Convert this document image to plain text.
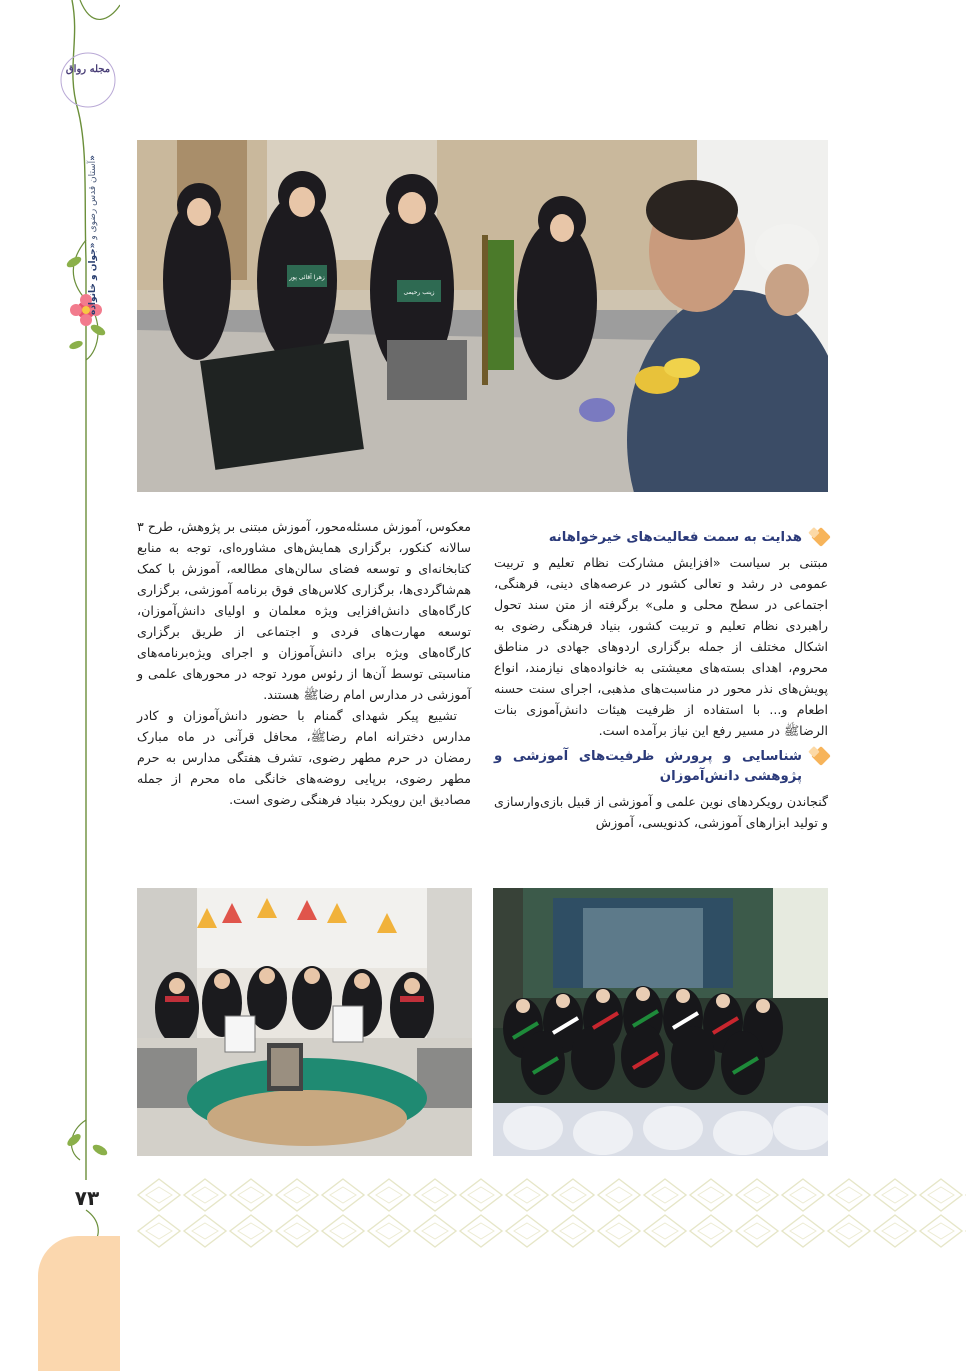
مجله رواق
آستان قدس رضوی و «جوان و خانواده»
زهرا آقائی پور
زینب رحیمی
هدایت به سمت فعالیت‌های خیرخواهانه

مبتنی بر سیاست «افزایش مشارکت نظام تعلیم و تربیت عمومی در رشد و تعالی کشور در عرصه‌های دینی، فرهنگی، اجتماعی در سطح محلی و ملی» برگرفته از متن سند تحول راهبردی نظام تعلیم و تربیت کشور، بنیاد فرهنگی رضوی به اشکال مختلف از جمله برگزاری اردوهای جهادی در مناطق محروم، اهدای بسته‌های معیشتی به خانواده‌های نیازمند، انواع پویش‌های نذر محور در مناسبت‌های مذهبی، اجرای سنت حسنه اطعام و... با استفاده از ظرفیت هیئات دانش‌آموزی بنات الرضاﷺ در مسیر رفع این نیاز برآمده است.

شناسایی و پرورش ظرفیت‌های آموزشی و پژوهشی دانش‌آموزان

گنجاندن رویکردهای نوین علمی و آموزشی از قبیل بازی‌وارسازی و تولید ابزارهای آموزشی، کدنویسی، آموزش

معکوس، آموزش مسئله‌محور، آموزش مبتنی بر پژوهش، طرح ۳ سالانه کنکور، برگزاری همایش‌های مشاوره‌ای، توجه به منابع کتابخانه‌ای و توسعه فضای سالن‌های مطالعه، آموزش با کمک هم‌شاگردی‌ها، برگزاری کلاس‌های فوق برنامه آموزشی، برگزاری کارگاه‌های دانش‌افزایی ویژه معلمان و اولیای دانش‌آموزان، توسعه مهارت‌های فردی و اجتماعی از طریق برگزاری کارگاه‌های ویژه برای دانش‌آموزان و اجرای ویژه‌برنامه‌های مناسبتی توسط آن‌ها از رئوس مورد توجه در محورهای علمی و آموزشی در مدارس امام رضاﷺ هستند.

تشییع پیکر شهدای گمنام با حضور دانش‌آموزان و کادر مدارس دخترانه امام رضاﷺ، محافل قرآنی در ماه مبارک رمضان در حرم مطهر رضوی، تشرف هفتگی مدارس به حرم مطهر رضوی، برپایی روضه‌های خانگی ماه محرم از جمله مصادیق این رویکرد بنیاد فرهنگی رضوی است.

۷۳
